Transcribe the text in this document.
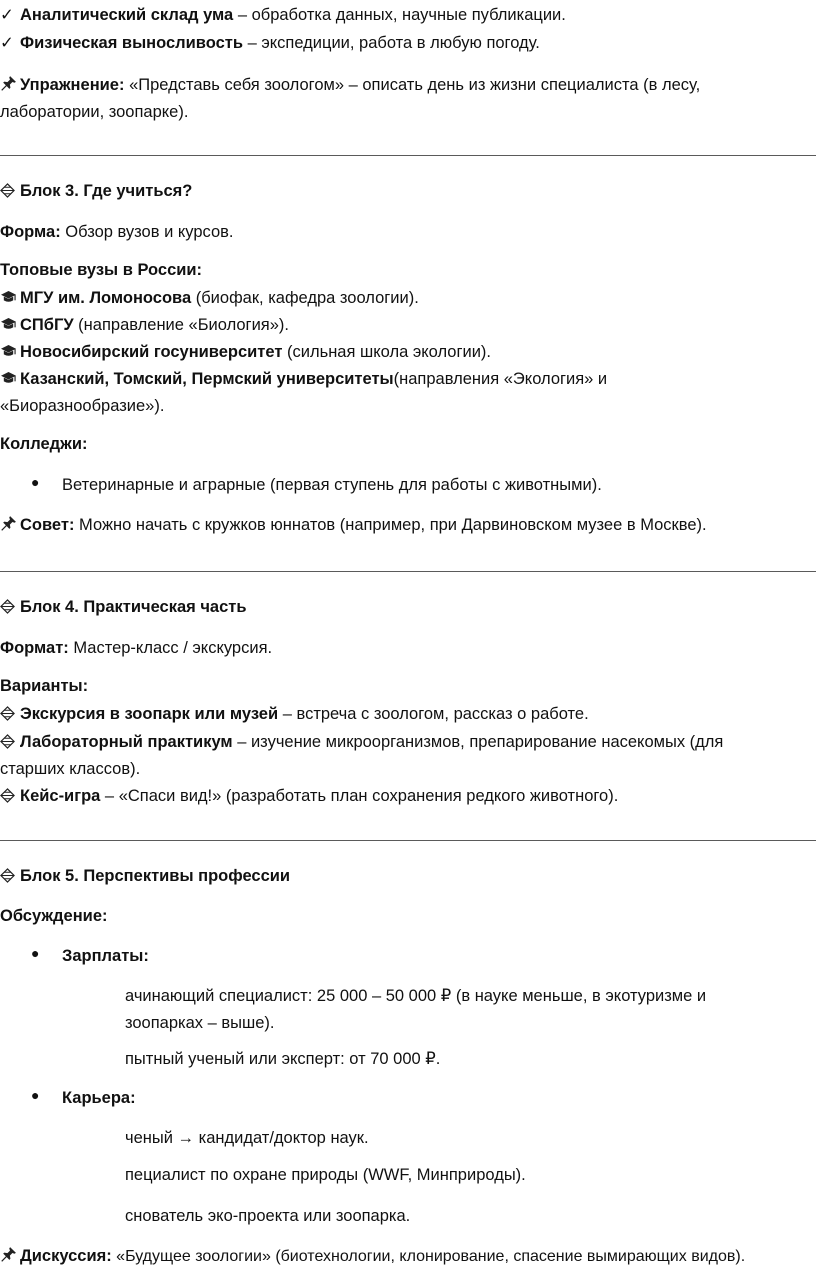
✓ Аналитический склад ума – обработка данных, научные публикации.
✓ Физическая выносливость – экспедиции, работа в любую погоду.
Упражнение: «Представь себя зоологом» – описать день из жизни специалиста (в лесу,
лаборатории, зоопарке).
Блок 3. Где учиться?
Форма: Обзор вузов и курсов.
Топовые вузы в России:
МГУ им. Ломоносова (биофак, кафедра зоологии).
СПбГУ (направление «Биология»).
Новосибирский госуниверситет (сильная школа экологии).
Казанский, Томский, Пермский университеты(направления «Экология» и
«Биоразнообразие»).
Колледжи:
● Ветеринарные и аграрные (первая ступень для работы с животными).
Совет: Можно начать с кружков юннатов (например, при Дарвиновском музее в Москве).
Блок 4. Практическая часть
Формат: Мастер-класс / экскурсия.
Варианты:
Экскурсия в зоопарк или музей – встреча с зоологом, рассказ о работе.
Лабораторный практикум – изучение микроорганизмов, препарирование насекомых (для
старших классов).
Кейс-игра – «Спаси вид!» (разработать план сохранения редкого животного).
Блок 5. Перспективы профессии
Обсуждение:
● Зарплаты:
ачинающий специалист: 25 000 – 50 000 ₽ (в науке меньше, в экотуризме и
зоопарках – выше).
пытный ученый или эксперт: от 70 000 ₽.
● Карьера:
ченый → кандидат/доктор наук.
пециалист по охране природы (WWF, Минприроды).
снователь эко-проекта или зоопарка.
Дискуссия: «Будущее зоологии» (биотехнологии, клонирование, спасение вымирающих видов).
